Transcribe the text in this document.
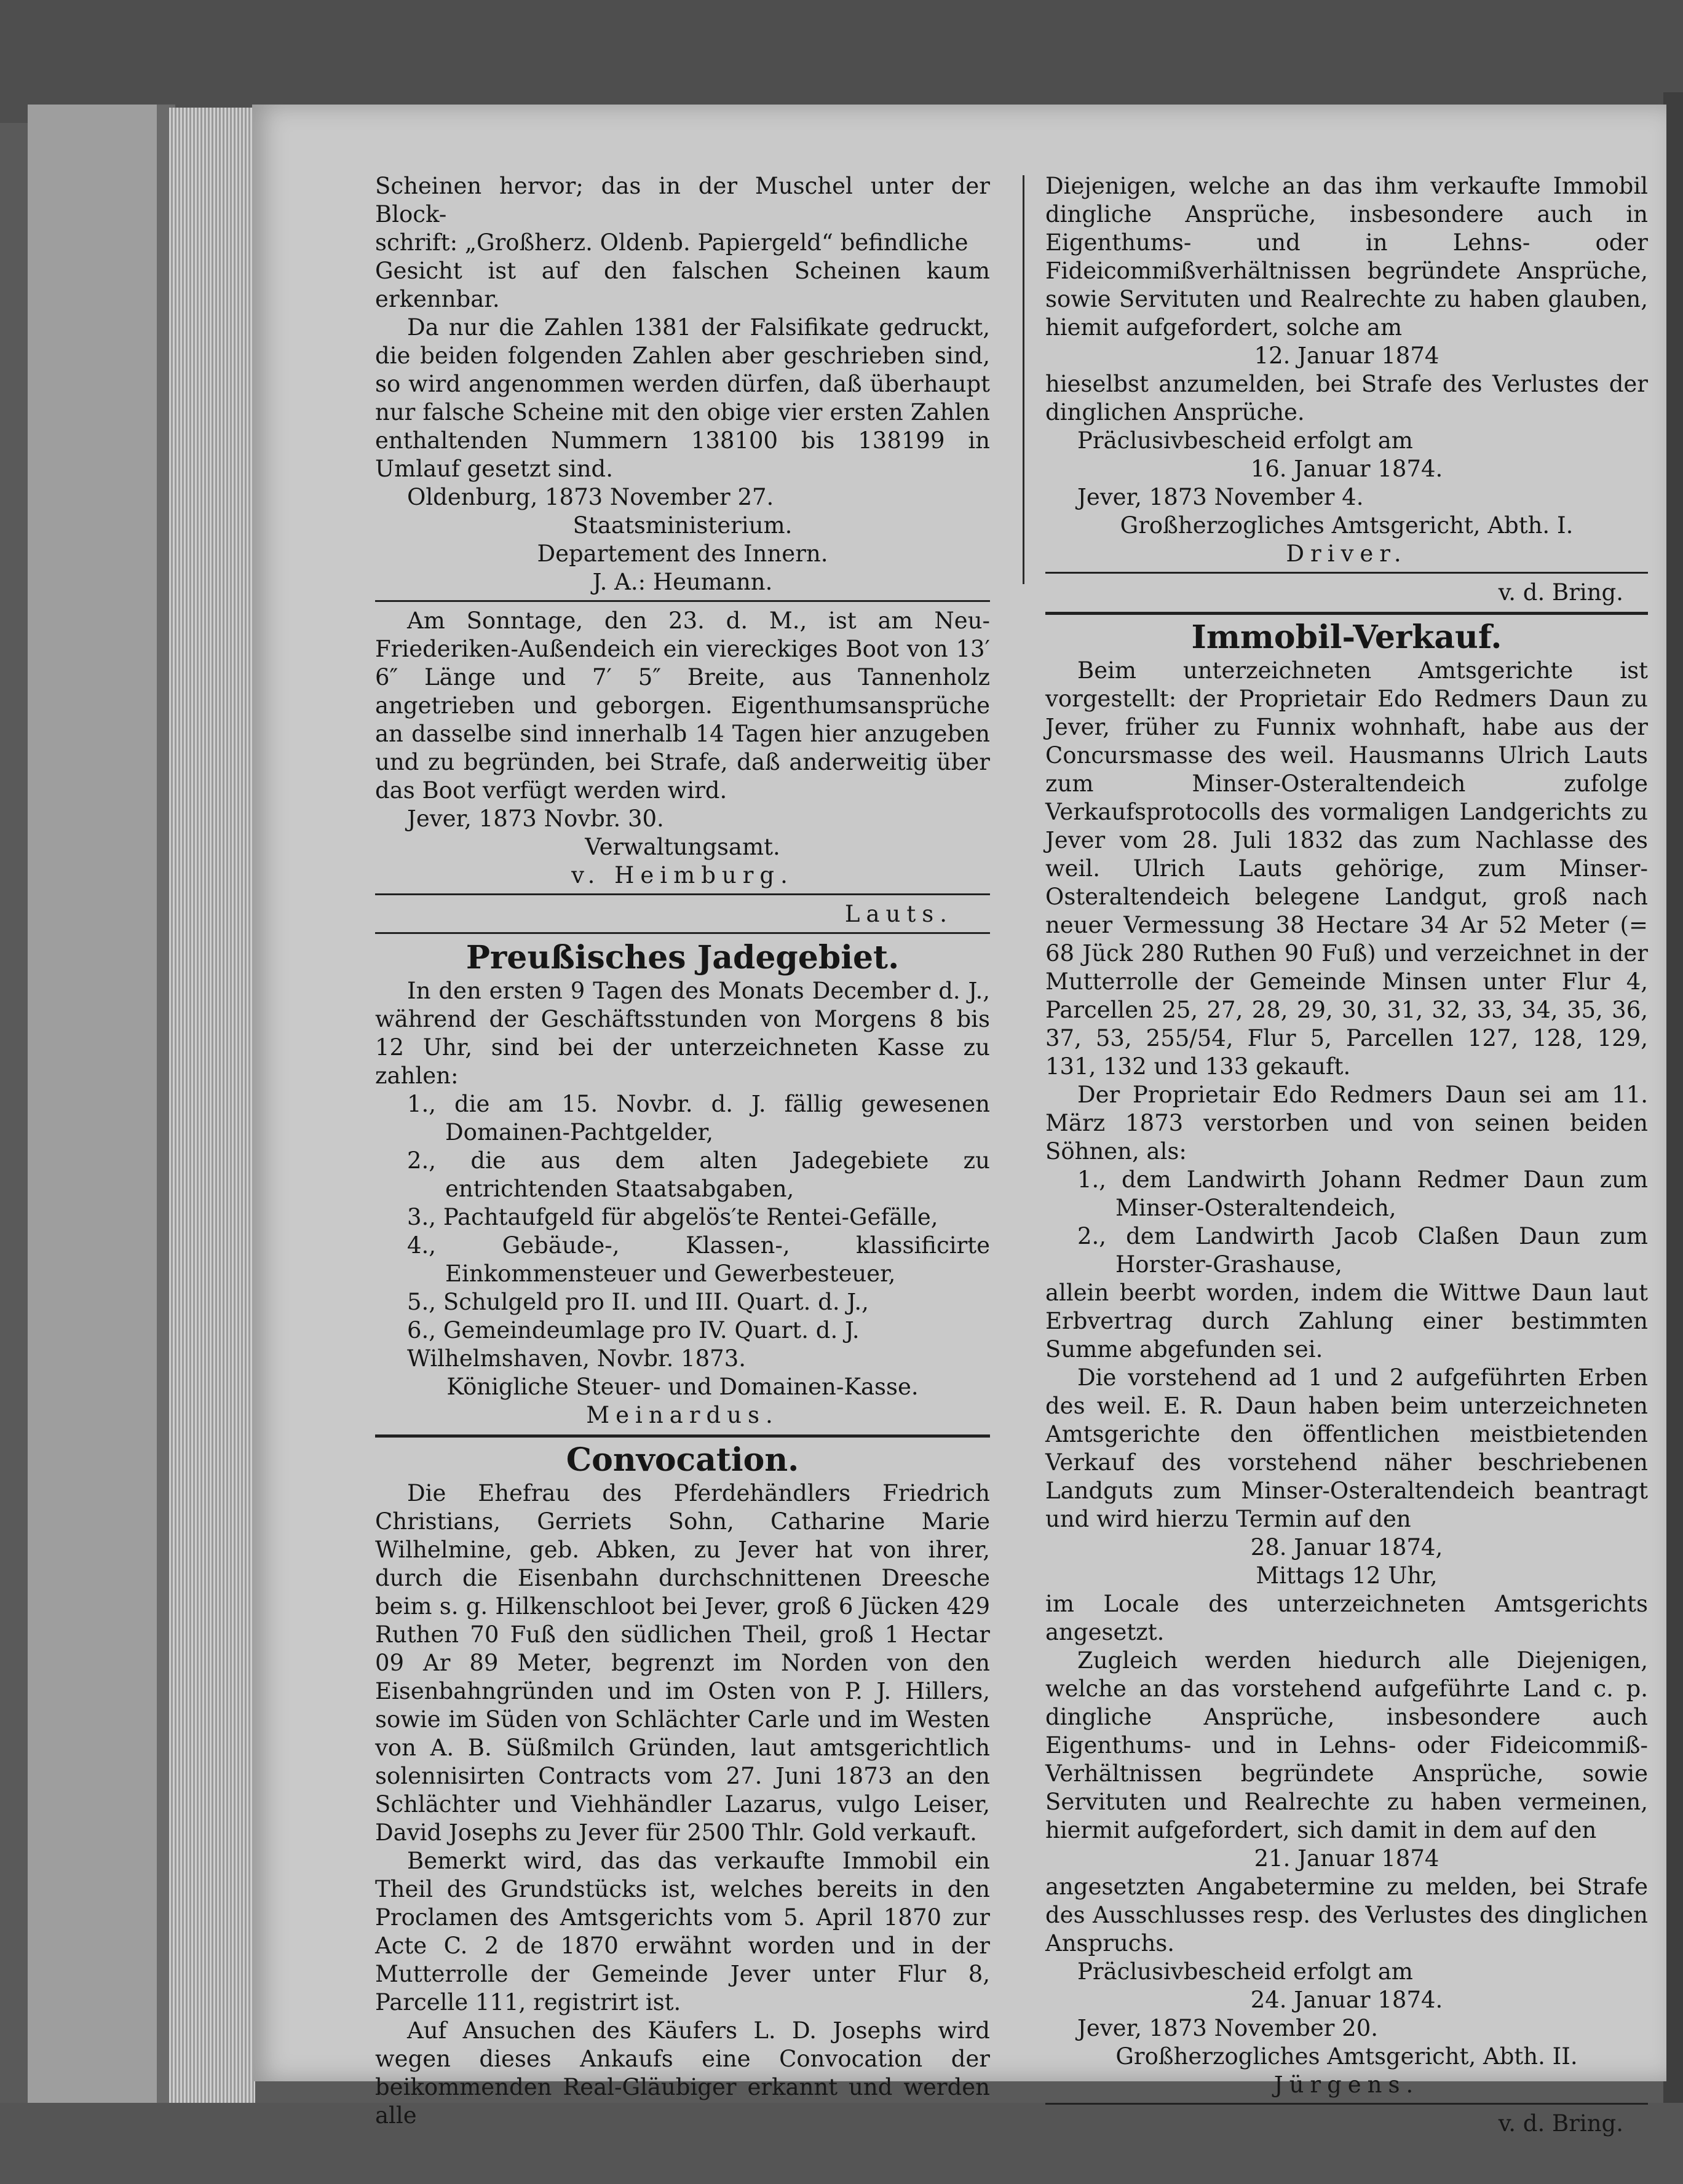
Scheinen hervor; das in der Muschel unter der Block-

schrift: „Großherz. Oldenb. Papiergeld“ befindliche

Gesicht ist auf den falschen Scheinen kaum erkennbar.

Da nur die Zahlen 1381 der Falsifikate gedruckt, die beiden folgenden Zahlen aber geschrieben sind, so wird angenommen werden dürfen, daß überhaupt nur falsche Scheine mit den obige vier ersten Zahlen enthaltenden Nummern 138100 bis 138199 in Umlauf gesetzt sind.

Oldenburg, 1873 November 27.

Staatsministerium.

Departement des Innern.

J. A.: Heumann.

Am Sonntage, den 23. d. M., ist am Neu-Friederiken-Außendeich ein viereckiges Boot von 13′ 6″ Länge und 7′ 5″ Breite, aus Tannenholz angetrieben und geborgen. Eigenthumsansprüche an dasselbe sind innerhalb 14 Tagen hier anzugeben und zu begründen, bei Strafe, daß anderweitig über das Boot verfügt werden wird.

Jever, 1873 Novbr. 30.

Verwaltungsamt.

v. Heimburg.

Lauts.

Preußisches Jadegebiet.

In den ersten 9 Tagen des Monats December d. J., während der Geschäftsstunden von Morgens 8 bis 12 Uhr, sind bei der unterzeichneten Kasse zu zahlen:

1., die am 15. Novbr. d. J. fällig gewesenen Domainen-Pachtgelder,

2., die aus dem alten Jadegebiete zu entrichtenden Staatsabgaben,

3., Pachtaufgeld für abgelös′te Rentei-Gefälle,

4., Gebäude-, Klassen-, klassificirte Einkommensteuer und Gewerbesteuer,

5., Schulgeld pro II. und III. Quart. d. J.,

6., Gemeindeumlage pro IV. Quart. d. J.

Wilhelmshaven, Novbr. 1873.

Königliche Steuer- und Domainen-Kasse.

Meinardus.

Convocation.

Die Ehefrau des Pferdehändlers Friedrich Christians, Gerriets Sohn, Catharine Marie Wilhelmine, geb. Abken, zu Jever hat von ihrer, durch die Eisenbahn durchschnittenen Dreesche beim s. g. Hilkenschloot bei Jever, groß 6 Jücken 429 Ruthen 70 Fuß den südlichen Theil, groß 1 Hectar 09 Ar 89 Meter, begrenzt im Norden von den Eisenbahngründen und im Osten von P. J. Hillers, sowie im Süden von Schlächter Carle und im Westen von A. B. Süßmilch Gründen, laut amtsgerichtlich solennisirten Contracts vom 27. Juni 1873 an den Schlächter und Viehhändler Lazarus, vulgo Leiser, David Josephs zu Jever für 2500 Thlr. Gold verkauft.

Bemerkt wird, das das verkaufte Immobil ein Theil des Grundstücks ist, welches bereits in den Proclamen des Amtsgerichts vom 5. April 1870 zur Acte C. 2 de 1870 erwähnt worden und in der Mutterrolle der Gemeinde Jever unter Flur 8, Parcelle 111, registrirt ist.

Auf Ansuchen des Käufers L. D. Josephs wird wegen dieses Ankaufs eine Convocation der beikommenden Real-Gläubiger erkannt und werden alle

Diejenigen, welche an das ihm verkaufte Immobil dingliche Ansprüche, insbesondere auch in Eigenthums- und in Lehns- oder Fideicommißverhältnissen begründete Ansprüche, sowie Servituten und Realrechte zu haben glauben, hiemit aufgefordert, solche am

12. Januar 1874

hieselbst anzumelden, bei Strafe des Verlustes der dinglichen Ansprüche.

Präclusivbescheid erfolgt am

16. Januar 1874.

Jever, 1873 November 4.

Großherzogliches Amtsgericht, Abth. I.

Driver.

v. d. Bring.

Immobil-Verkauf.

Beim unterzeichneten Amtsgerichte ist vorgestellt: der Proprietair Edo Redmers Daun zu Jever, früher zu Funnix wohnhaft, habe aus der Concursmasse des weil. Hausmanns Ulrich Lauts zum Minser-Osteraltendeich zufolge Verkaufsprotocolls des vormaligen Landgerichts zu Jever vom 28. Juli 1832 das zum Nachlasse des weil. Ulrich Lauts gehörige, zum Minser-Osteraltendeich belegene Landgut, groß nach neuer Vermessung 38 Hectare 34 Ar 52 Meter (= 68 Jück 280 Ruthen 90 Fuß) und verzeichnet in der Mutterrolle der Gemeinde Minsen unter Flur 4, Parcellen 25, 27, 28, 29, 30, 31, 32, 33, 34, 35, 36, 37, 53, 255/54, Flur 5, Parcellen 127, 128, 129, 131, 132 und 133 gekauft.

Der Proprietair Edo Redmers Daun sei am 11. März 1873 verstorben und von seinen beiden Söhnen, als:

1., dem Landwirth Johann Redmer Daun zum Minser-Osteraltendeich,

2., dem Landwirth Jacob Claßen Daun zum Horster-Grashause,

allein beerbt worden, indem die Wittwe Daun laut Erbvertrag durch Zahlung einer bestimmten Summe abgefunden sei.

Die vorstehend ad 1 und 2 aufgeführten Erben des weil. E. R. Daun haben beim unterzeichneten Amtsgerichte den öffentlichen meistbietenden Verkauf des vorstehend näher beschriebenen Landguts zum Minser-Osteraltendeich beantragt und wird hierzu Termin auf den

28. Januar 1874,

Mittags 12 Uhr,

im Locale des unterzeichneten Amtsgerichts angesetzt.

Zugleich werden hiedurch alle Diejenigen, welche an das vorstehend aufgeführte Land c. p. dingliche Ansprüche, insbesondere auch Eigenthums- und in Lehns- oder Fideicommiß-Verhältnissen begründete Ansprüche, sowie Servituten und Realrechte zu haben vermeinen, hiermit aufgefordert, sich damit in dem auf den

21. Januar 1874

angesetzten Angabetermine zu melden, bei Strafe des Ausschlusses resp. des Verlustes des dinglichen Anspruchs.

Präclusivbescheid erfolgt am

24. Januar 1874.

Jever, 1873 November 20.

Großherzogliches Amtsgericht, Abth. II.

Jürgens.

v. d. Bring.
